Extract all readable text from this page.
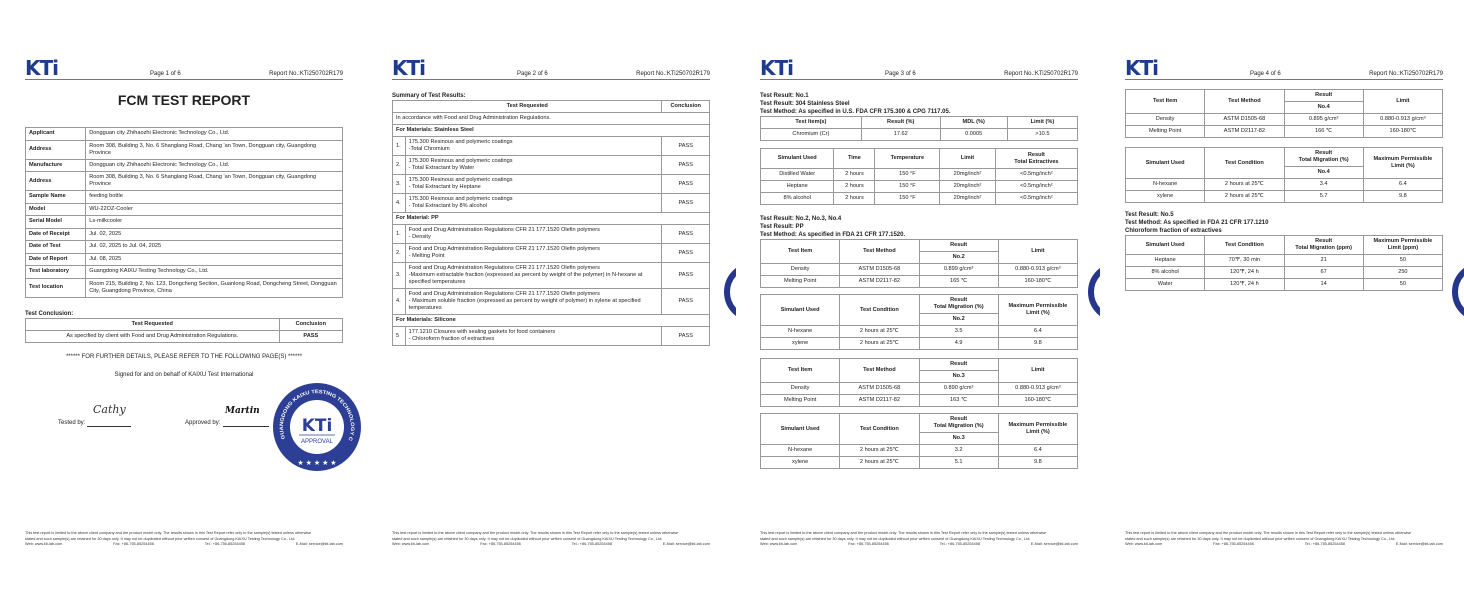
KTi	Page 1 of 6	Report No.:KTi250702R179
FCM TEST REPORT
Applicant	Dongguan city Zhihaozhi Electronic Technology Co., Ltd.
Address	Room 308, Building 3, No. 6 Shanglang Road, Chang 'an Town, Dongguan city, Guangdong Province
Manufacture	Dongguan city Zhihaozhi Electronic Technology Co., Ltd.
Address	Room 308, Building 3, No. 6 Shanglang Road, Chang 'an Town, Dongguan city, Guangdong Province
Sample Name	feeding bottle
Model	WU-22OZ-Cooler
Serial Model	Ls-milkcooler
Date of Receipt	Jul. 02, 2025
Date of Test	Jul. 02, 2025 to Jul. 04, 2025
Date of Report	Jul. 08, 2025
Test laboratory	Guangdong KAIXU Testing Technology Co., Ltd.
Test location	Room 215, Building 2, No. 123, Dongcheng Section, Guanlong Road, Dongcheng Street, Dongguan City, Guangdong Province, China
Test Conclusion:
Test Requested	Conclusion
As specified by client with Food and Drug Administration Regulations.	PASS
****** FOR FURTHER DETAILS, PLEASE REFER TO THE FOLLOWING PAGE(S) ******
Signed for and on behalf of KAIXU Test International
Tested by:
Cathy
Approved by:
Martin
GUANGDONG KAIXU TESTING TECHNOLOGY C
KTi
APPROVAL
★ ★ ★ ★ ★
This test report is limited to the above client company and the product model only. The results shown in this Test Report refer only to the sample(s) tested unless otherwise
stated and such sample(s) are retained for 30 days only. It may not be duplicated without prior written consent of Guangdong KAIXU Testing Technology Co., Ltd.
Web: www.kti-lab.com	Fax: +86-755-85254456	Tel.: +86-755-85254458	E-Mail: service@kti-lab.com
KTi	Page 2 of 6	Report No.:KTi250702R179
Summary of Test Results:
Test Requested		Conclusion
In accordance with Food and Drug Administration Regulations.		
For Materials: Stainless Steel		
1.	175.300 Resinous and polymeric coatings
-Total Chromium	PASS
2.	175.300 Resinous and polymeric coatings
- Total Extractant by Water	PASS
3.	175.300 Resinous and polymeric coatings
- Total Extractant by Heptane	PASS
4.	175.300 Resinous and polymeric coatings
- Total Extractant by 8% alcohol	PASS
For Material: PP		
1.	Food and Drug Administration Regulations CFR 21 177.1520 Olefin polymers
- Density	PASS
2.	Food and Drug Administration Regulations CFR 21 177.1520 Olefin polymers
- Melting Point	PASS
3.	Food and Drug Administration Regulations CFR 21 177.1520 Olefin polymers
-Maximum extractable fraction (expressed as percent by weight of the polymer) in N-hexane at specified temperatures	PASS
4.	Food and Drug Administration Regulations CFR 21 177.1520 Olefin polymers
- Maximum soluble fraction (expressed as percent by weight of polymer) in xylene at specified temperatures	PASS
For Materials: Silicone		
5	177.1210 Closures with sealing gaskets for food containers
- Chloroform fraction of extractives	PASS
This test report is limited to the above client company and the product model only. The results shown in this Test Report refer only to the sample(s) tested unless otherwise
stated and such sample(s) are retained for 30 days only. It may not be duplicated without prior written consent of Guangdong KAIXU Testing Technology Co., Ltd.
Web: www.kti-lab.com	Fax: +86-755-85254456	Tel.: +86-755-85254458	E-Mail: service@kti-lab.com
KTi	Page 3 of 6	Report No.:KTi250702R179
Test Result: No.1
Test Result: 304 Stainless Steel
Test Method: As specified in U.S. FDA CFR 175.300 & CPG 7117.05.
Test Item(s)	Result (%)	MDL (%)	Limit (%)
Chromium (Cr)	17.62	0.0005	>10.5
Simulant Used	Time	Temperature	Limit	Result
Total Extractives
Distilled Water	2 hours	150 °F	20mg/inch²	<0.5mg/inch²
Heptane	2 hours	150 °F	20mg/inch²	<0.5mg/inch²
8% alcohol	2 hours	150 °F	20mg/inch²	<0.5mg/inch²
Test Result: No.2, No.3, No.4
Test Result: PP
Test Method: As specified in FDA 21 CFR 177.1520.
Test Item	Test Method	Result	Limit
		No.2	
Density	ASTM D1505-68	0.899 g/cm³	0.880-0.913 g/cm³
Melting Point	ASTM D2117-82	165 ℃	160-180℃
Simulant Used	Test Condition	Result
Total Migration (%)	Maximum Permissible
Limit (%)
		No.2	
N-hexane	2 hours at 25℃	3.5	6.4
xylene	2 hours at 25℃	4.9	9.8
Test Item	Test Method	Result	Limit
		No.3	
Density	ASTM D1505-68	0.890 g/cm³	0.880-0.913 g/cm³
Melting Point	ASTM D2117-82	163 ℃	160-180℃
Simulant Used	Test Condition	Result
Total Migration (%)	Maximum Permissible
Limit (%)
		No.3	
N-hexane	2 hours at 25℃	3.2	6.4
xylene	2 hours at 25℃	5.1	9.8
This test report is limited to the above client company and the product model only. The results shown in this Test Report refer only to the sample(s) tested unless otherwise
stated and such sample(s) are retained for 30 days only. It may not be duplicated without prior written consent of Guangdong KAIXU Testing Technology Co., Ltd.
Web: www.kti-lab.com	Fax: +86-755-85254456	Tel.: +86-755-85254458	E-Mail: service@kti-lab.com
KTi	Page 4 of 6	Report No.:KTi250702R179
Test Item	Test Method	Result	Limit
		No.4	
Density	ASTM D1505-68	0.895 g/cm³	0.880-0.913 g/cm³
Melting Point	ASTM D2117-82	166 ℃	160-180℃
Simulant Used	Test Condition	Result
Total Migration (%)	Maximum Permissible
Limit (%)
		No.4	
N-hexane	2 hours at 25℃	3.4	6.4
xylene	2 hours at 25℃	5.7	9.8
Test Result: No.5
Test Method: As specified in FDA 21 CFR 177.1210
Chloroform fraction of extractives
Simulant Used	Test Condition	Result
Total Migration (ppm)	Maximum Permissible
Limit (ppm)
Heptane	70℉, 30 min	21	50
8% alcohol	120℉, 24 h	67	250
Water	120℉, 24 h	14	50
This test report is limited to the above client company and the product model only. The results shown in this Test Report refer only to the sample(s) tested unless otherwise
stated and such sample(s) are retained for 30 days only. It may not be duplicated without prior written consent of Guangdong KAIXU Testing Technology Co., Ltd.
Web: www.kti-lab.com	Fax: +86-755-85254456	Tel.: +86-755-85254458	E-Mail: service@kti-lab.com
